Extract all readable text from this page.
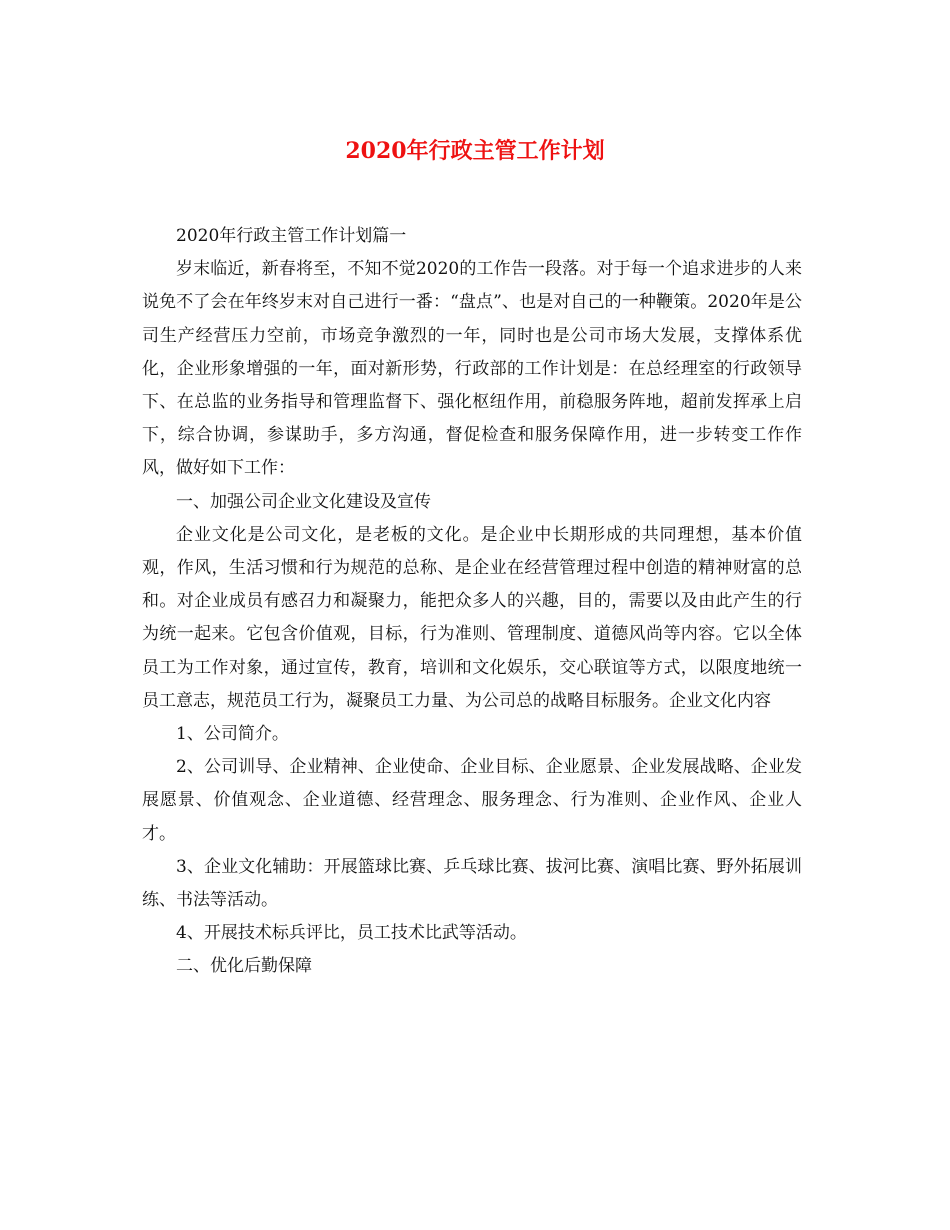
2020年行政主管工作计划

2020年行政主管工作计划篇一

岁末临近，新春将至，不知不觉2020的工作告一段落。对于每一个追求进步的人来说免不了会在年终岁末对自己进行一番：“盘点”、也是对自己的一种鞭策。2020年是公司生产经营压力空前，市场竞争激烈的一年，同时也是公司市场大发展，支撑体系优化，企业形象增强的一年，面对新形势，行政部的工作计划是：在总经理室的行政领导下、在总监的业务指导和管理监督下、强化枢纽作用，前稳服务阵地，超前发挥承上启下，综合协调，参谋助手，多方沟通，督促检查和服务保障作用，进一步转变工作作风，做好如下工作：

一、加强公司企业文化建设及宣传

企业文化是公司文化，是老板的文化。是企业中长期形成的共同理想，基本价值观，作风，生活习惯和行为规范的总称、是企业在经营管理过程中创造的精神财富的总和。对企业成员有感召力和凝聚力，能把众多人的兴趣，目的，需要以及由此产生的行为统一起来。它包含价值观，目标，行为准则、管理制度、道德风尚等内容。它以全体员工为工作对象，通过宣传，教育，培训和文化娱乐，交心联谊等方式，以限度地统一员工意志，规范员工行为，凝聚员工力量、为公司总的战略目标服务。企业文化内容

1、公司简介。

2、公司训导、企业精神、企业使命、企业目标、企业愿景、企业发展战略、企业发展愿景、价值观念、企业道德、经营理念、服务理念、行为准则、企业作风、企业人才。

3、企业文化辅助：开展篮球比赛、乒乓球比赛、拔河比赛、演唱比赛、野外拓展训练、书法等活动。

4、开展技术标兵评比，员工技术比武等活动。

二、优化后勤保障
